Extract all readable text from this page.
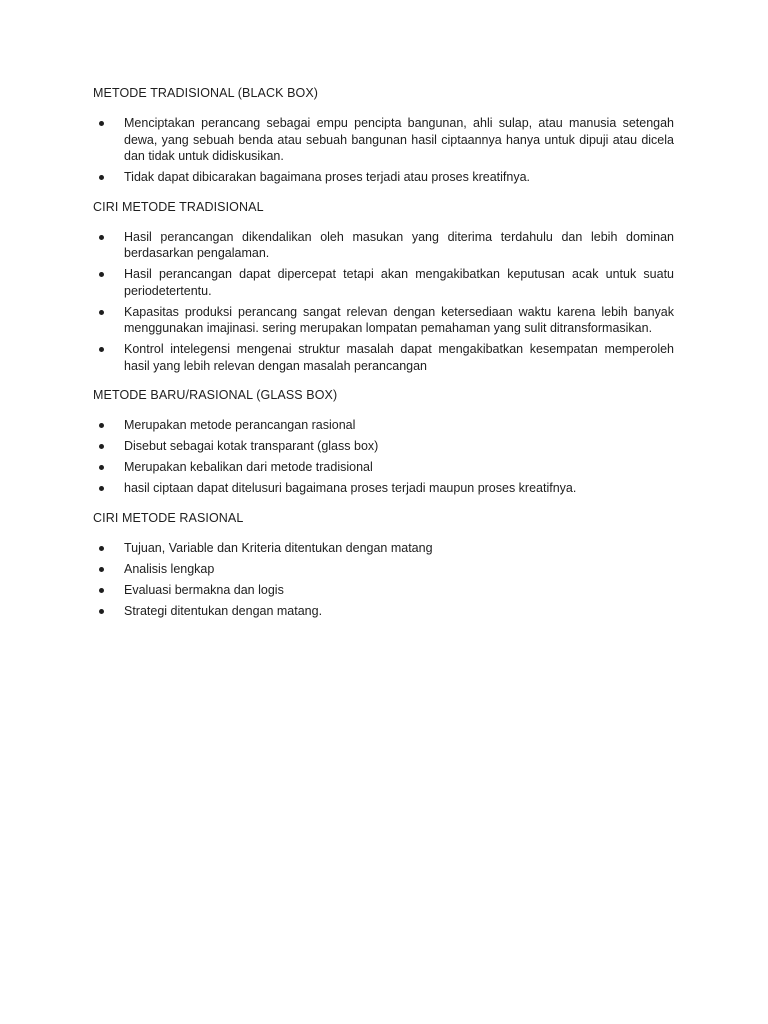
METODE TRADISIONAL (BLACK BOX)
Menciptakan perancang sebagai empu pencipta bangunan, ahli sulap, atau manusia setengah dewa, yang sebuah benda atau sebuah bangunan hasil ciptaannya hanya untuk dipuji atau dicela dan tidak untuk didiskusikan.
Tidak dapat dibicarakan bagaimana proses terjadi atau proses kreatifnya.
CIRI METODE TRADISIONAL
Hasil perancangan dikendalikan oleh masukan yang diterima terdahulu dan lebih dominan berdasarkan pengalaman.
Hasil perancangan dapat dipercepat tetapi akan mengakibatkan keputusan acak untuk suatu periodetertentu.
Kapasitas produksi perancang sangat relevan dengan ketersediaan waktu karena lebih banyak menggunakan imajinasi. sering merupakan lompatan pemahaman yang sulit ditransformasikan.
Kontrol intelegensi mengenai struktur masalah dapat mengakibatkan kesempatan memperoleh hasil yang lebih relevan dengan masalah perancangan
METODE BARU/RASIONAL (GLASS BOX)
Merupakan metode perancangan rasional
Disebut sebagai kotak transparant (glass box)
Merupakan kebalikan dari metode tradisional
hasil ciptaan dapat ditelusuri bagaimana proses terjadi maupun proses kreatifnya.
CIRI METODE RASIONAL
Tujuan, Variable dan Kriteria ditentukan dengan matang
Analisis lengkap
Evaluasi bermakna dan logis
Strategi ditentukan dengan matang.
